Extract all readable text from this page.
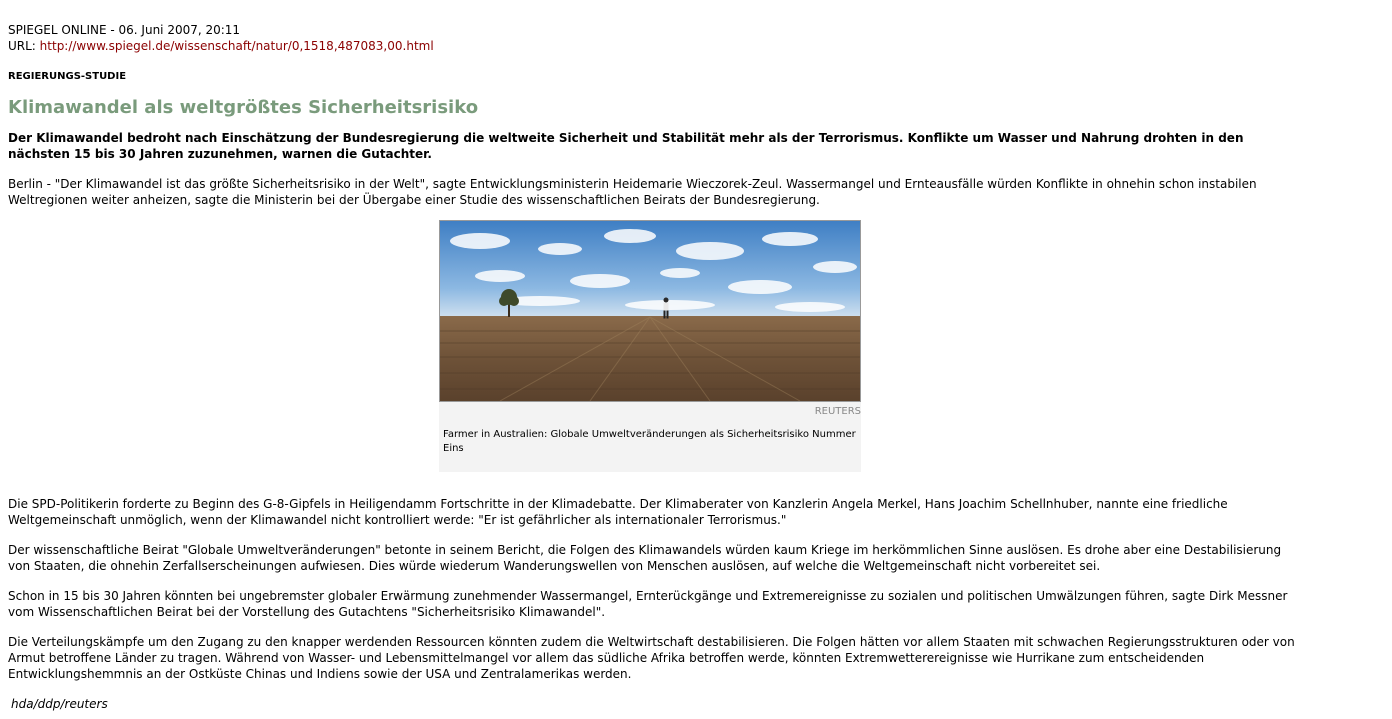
SPIEGEL ONLINE - 06. Juni 2007, 20:11

URL: http://www.spiegel.de/wissenschaft/natur/0,1518,487083,00.html

REGIERUNGS-STUDIE
Klimawandel als weltgrößtes Sicherheitsrisiko
Der Klimawandel bedroht nach Einschätzung der Bundesregierung die weltweite Sicherheit und Stabilität mehr als der Terrorismus. Konflikte um Wasser und Nahrung drohten in den nächsten 15 bis 30 Jahren zuzunehmen, warnen die Gutachter.
Berlin - "Der Klimawandel ist das größte Sicherheitsrisiko in der Welt", sagte Entwicklungsministerin Heidemarie Wieczorek-Zeul. Wassermangel und Ernteausfälle würden Konflikte in ohnehin schon instabilen Weltregionen weiter anheizen, sagte die Ministerin bei der Übergabe einer Studie des wissenschaftlichen Beirats der Bundesregierung.
REUTERS
Farmer in Australien: Globale Umweltveränderungen als Sicherheitsrisiko Nummer Eins
Die SPD-Politikerin forderte zu Beginn des G-8-Gipfels in Heiligendamm Fortschritte in der Klimadebatte. Der Klimaberater von Kanzlerin Angela Merkel, Hans Joachim Schellnhuber, nannte eine friedliche Weltgemeinschaft unmöglich, wenn der Klimawandel nicht kontrolliert werde: "Er ist gefährlicher als internationaler Terrorismus."
Der wissenschaftliche Beirat "Globale Umweltveränderungen" betonte in seinem Bericht, die Folgen des Klimawandels würden kaum Kriege im herkömmlichen Sinne auslösen. Es drohe aber eine Destabilisierung von Staaten, die ohnehin Zerfallserscheinungen aufwiesen. Dies würde wiederum Wanderungswellen von Menschen auslösen, auf welche die Weltgemeinschaft nicht vorbereitet sei.
Schon in 15 bis 30 Jahren könnten bei ungebremster globaler Erwärmung zunehmender Wassermangel, Ernterückgänge und Extremereignisse zu sozialen und politischen Umwälzungen führen, sagte Dirk Messner vom Wissenschaftlichen Beirat bei der Vorstellung des Gutachtens "Sicherheitsrisiko Klimawandel".
Die Verteilungskämpfe um den Zugang zu den knapper werdenden Ressourcen könnten zudem die Weltwirtschaft destabilisieren. Die Folgen hätten vor allem Staaten mit schwachen Regierungsstrukturen oder von Armut betroffene Länder zu tragen. Während von Wasser- und Lebensmittelmangel vor allem das südliche Afrika betroffen werde, könnten Extremwetterereignisse wie Hurrikane zum entscheidenden Entwicklungshemmnis an der Ostküste Chinas und Indiens sowie der USA und Zentralamerikas werden.
hda/ddp/reuters
